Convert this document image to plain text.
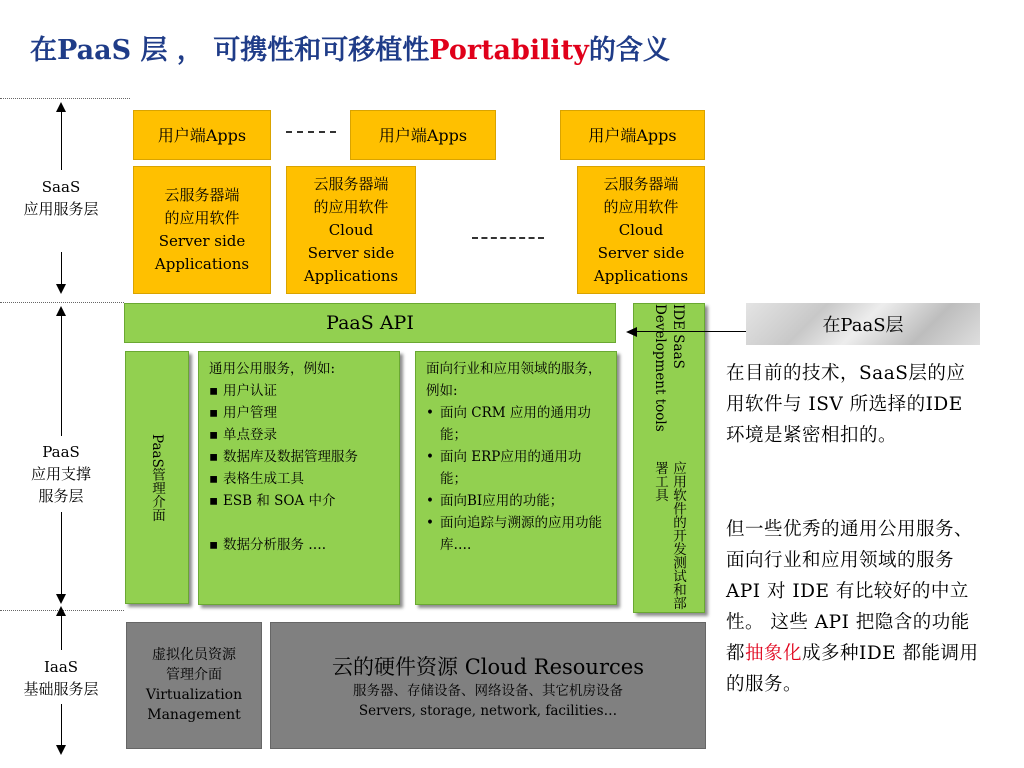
在PaaS 层 ， 可携性和可移植性Portability的含义
SaaS
应用服务层
PaaS
应用支撑
服务层
IaaS
基础服务层
用户端Apps	用户端Apps	用户端Apps
云服务器端
的应用软件
Server side
Applications
云服务器端
的应用软件
Cloud
Server side
Applications
云服务器端
的应用软件
Cloud
Server side
Applications
PaaS API
PaaS管理介面
通用公用服务，例如:
▪ 用户认证
▪ 用户管理
▪ 单点登录
▪ 数据库及数据管理服务
▪ 表格生成工具
▪ ESB 和 SOA 中介
▪ 数据分析服务 ….
面向行业和应用领域的服务， 例如:
• 面向 CRM 应用的通用功能；
• 面向 ERP应用的通用功能；
• 面向BI应用的功能；
• 面向追踪与溯源的应用功能库….
IDE SaaS Development tools
应用软件的开发测试和部署工具
在PaaS层
虚拟化员资源
管理介面
Virtualization
Management
云的硬件资源 Cloud Resources
服务器、存储设备、网络设备、其它机房设备
Servers, storage, network, facilities…
在目前的技术，SaaS层的应用软件与 ISV 所选择的IDE 环境是紧密相扣的。
但一些优秀的通用公用服务、面向行业和应用领域的服务 API 对 IDE 有比较好的中立性。 这些 API 把隐含的功能都抽象化成多种IDE 都能调用的服务。
